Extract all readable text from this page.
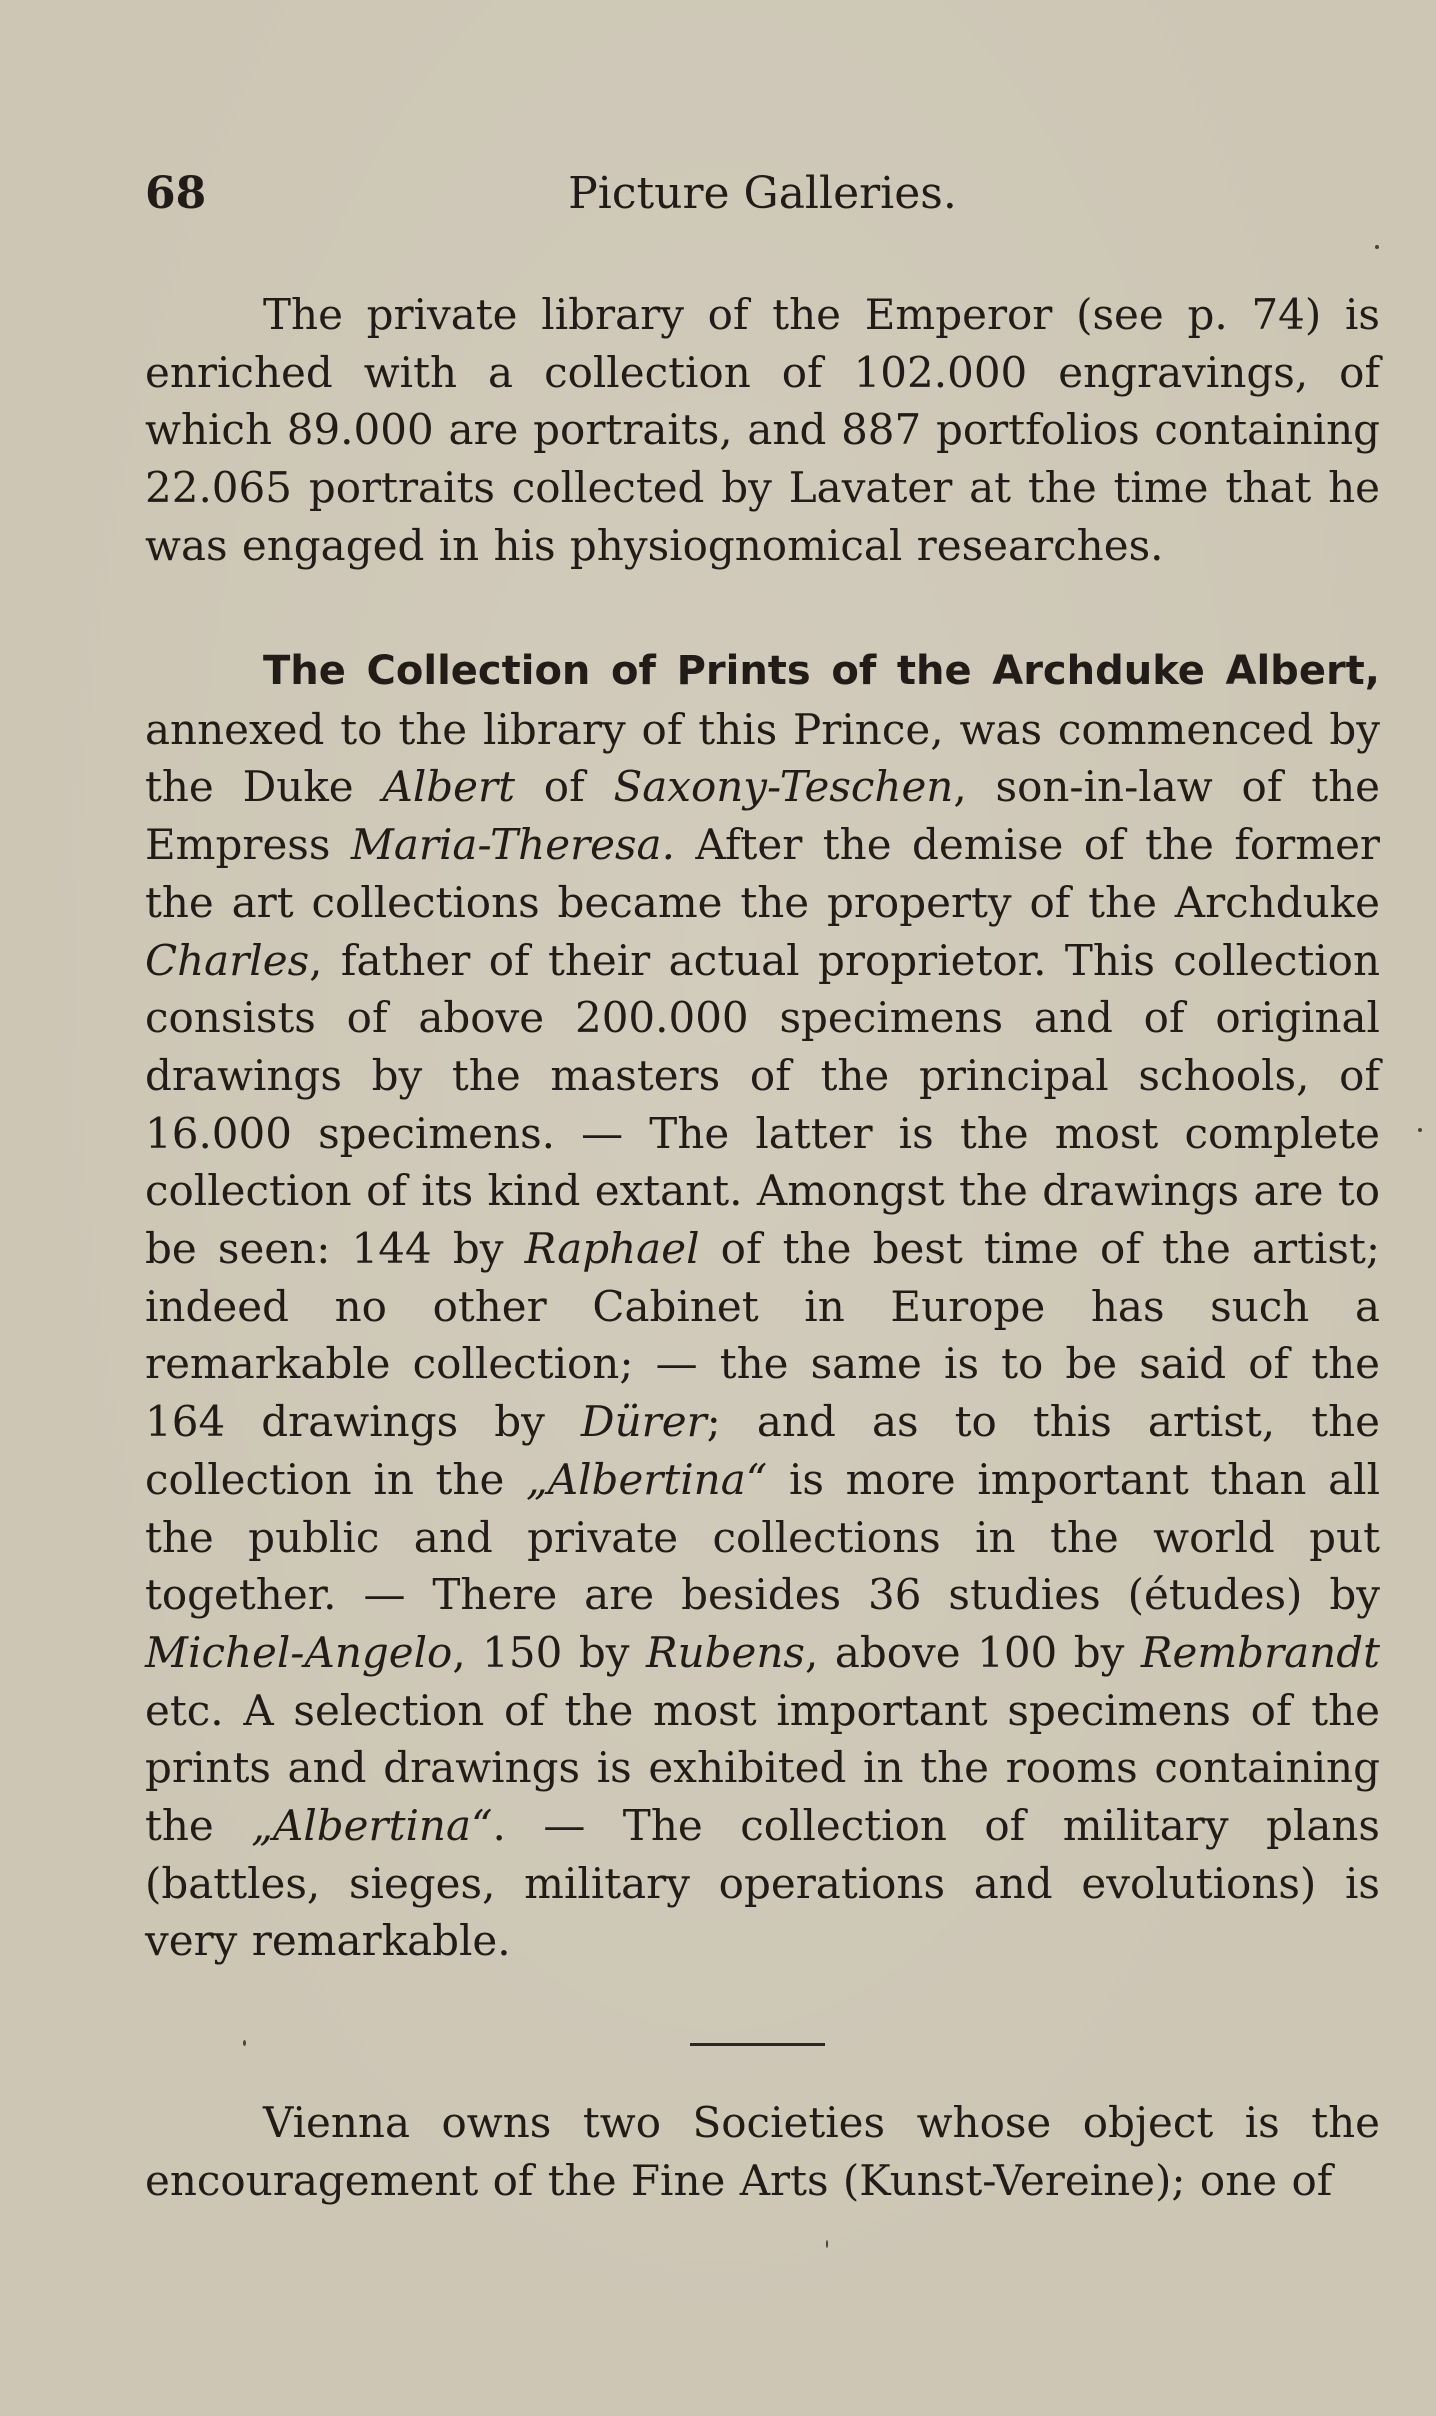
68	Picture Galleries.
The private library of the Emperor (see p. 74) is enriched with a collection of 102.000 engravings, of which 89.000 are portraits, and 887 portfolios containing 22.065 portraits collected by Lavater at the time that he was engaged in his physiognomical researches.
The Collection of Prints of the Archduke Albert, annexed to the library of this Prince, was commenced by the Duke Albert of Saxony-Teschen, son-in-law of the Empress Maria-Theresa. After the demise of the former the art collections became the property of the Archduke Charles, father of their actual proprietor. This collection consists of above 200.000 specimens and of original drawings by the masters of the principal schools, of 16.000 specimens. — The latter is the most complete collection of its kind extant. Amongst the drawings are to be seen: 144 by Raphael of the best time of the artist; indeed no other Cabinet in Europe has such a remarkable collection; — the same is to be said of the 164 drawings by Dürer; and as to this artist, the collection in the „Albertina“ is more important than all the public and private collections in the world put together. — There are besides 36 studies (études) by Michel-Angelo, 150 by Rubens, above 100 by Rembrandt etc. A selection of the most important specimens of the prints and drawings is exhibited in the rooms containing the „Albertina“. — The collection of military plans (battles, sieges, military operations and evolutions) is very remarkable.
Vienna owns two Societies whose object is the encouragement of the Fine Arts (Kunst-Vereine); one of
